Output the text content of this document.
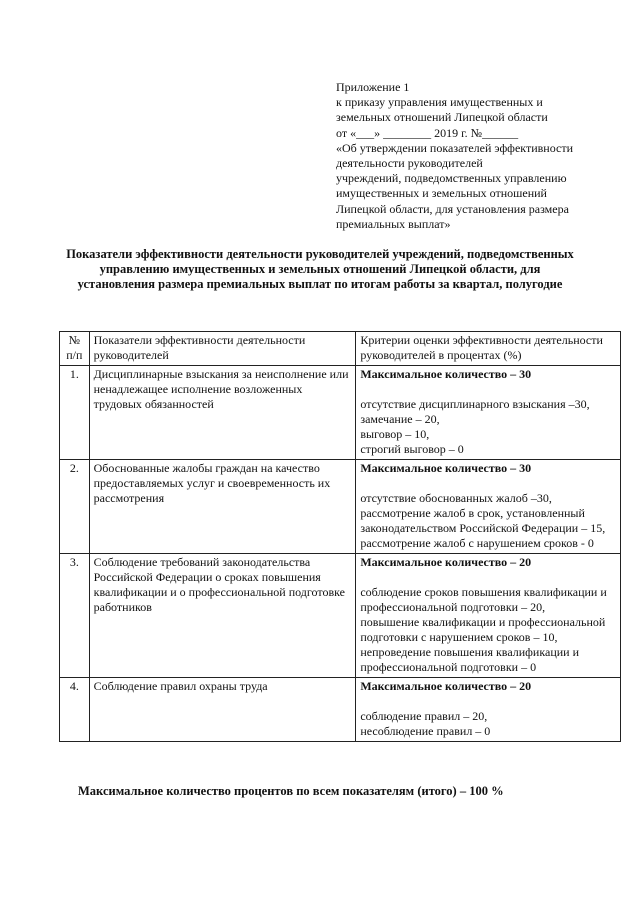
Приложение 1
к приказу управления имущественных и
земельных отношений Липецкой области
от «___» ________ 2019 г. №______
«Об утверждении показателей эффективности
деятельности руководителей
учреждений, подведомственных управлению
имущественных и земельных отношений
Липецкой области, для установления размера
премиальных выплат»
Показатели эффективности деятельности руководителей учреждений, подведомственных управлению имущественных и земельных отношений Липецкой области, для установления размера премиальных выплат по итогам работы за квартал, полугодие
№ п/п	Показатели эффективности деятельности руководителей	Критерии оценки эффективности деятельности руководителей в процентах (%)
1.	Дисциплинарные взыскания за неисполнение или ненадлежащее исполнение возложенных трудовых обязанностей	Максимальное количество – 30
отсутствие дисциплинарного взыскания –30,
замечание – 20,
выговор – 10,
строгий выговор – 0

2.	Обоснованные жалобы граждан на качество предоставляемых услуг и своевременность их рассмотрения	Максимальное количество – 30
отсутствие обоснованных жалоб –30,
рассмотрение жалоб в срок, установленный законодательством Российской Федерации – 15,
рассмотрение жалоб с нарушением сроков - 0

3.	Соблюдение требований законодательства Российской Федерации о сроках повышения квалификации и о профессиональной подготовке работников	Максимальное количество – 20
соблюдение сроков повышения квалификации и профессиональной подготовки – 20,
повышение квалификации и профессиональной подготовки с нарушением сроков – 10,
непроведение повышения квалификации и профессиональной подготовки – 0

4.	Соблюдение правил охраны труда	Максимальное количество – 20
соблюдение правил – 20,
несоблюдение правил – 0
Максимальное количество процентов по всем показателям (итого) – 100 %
